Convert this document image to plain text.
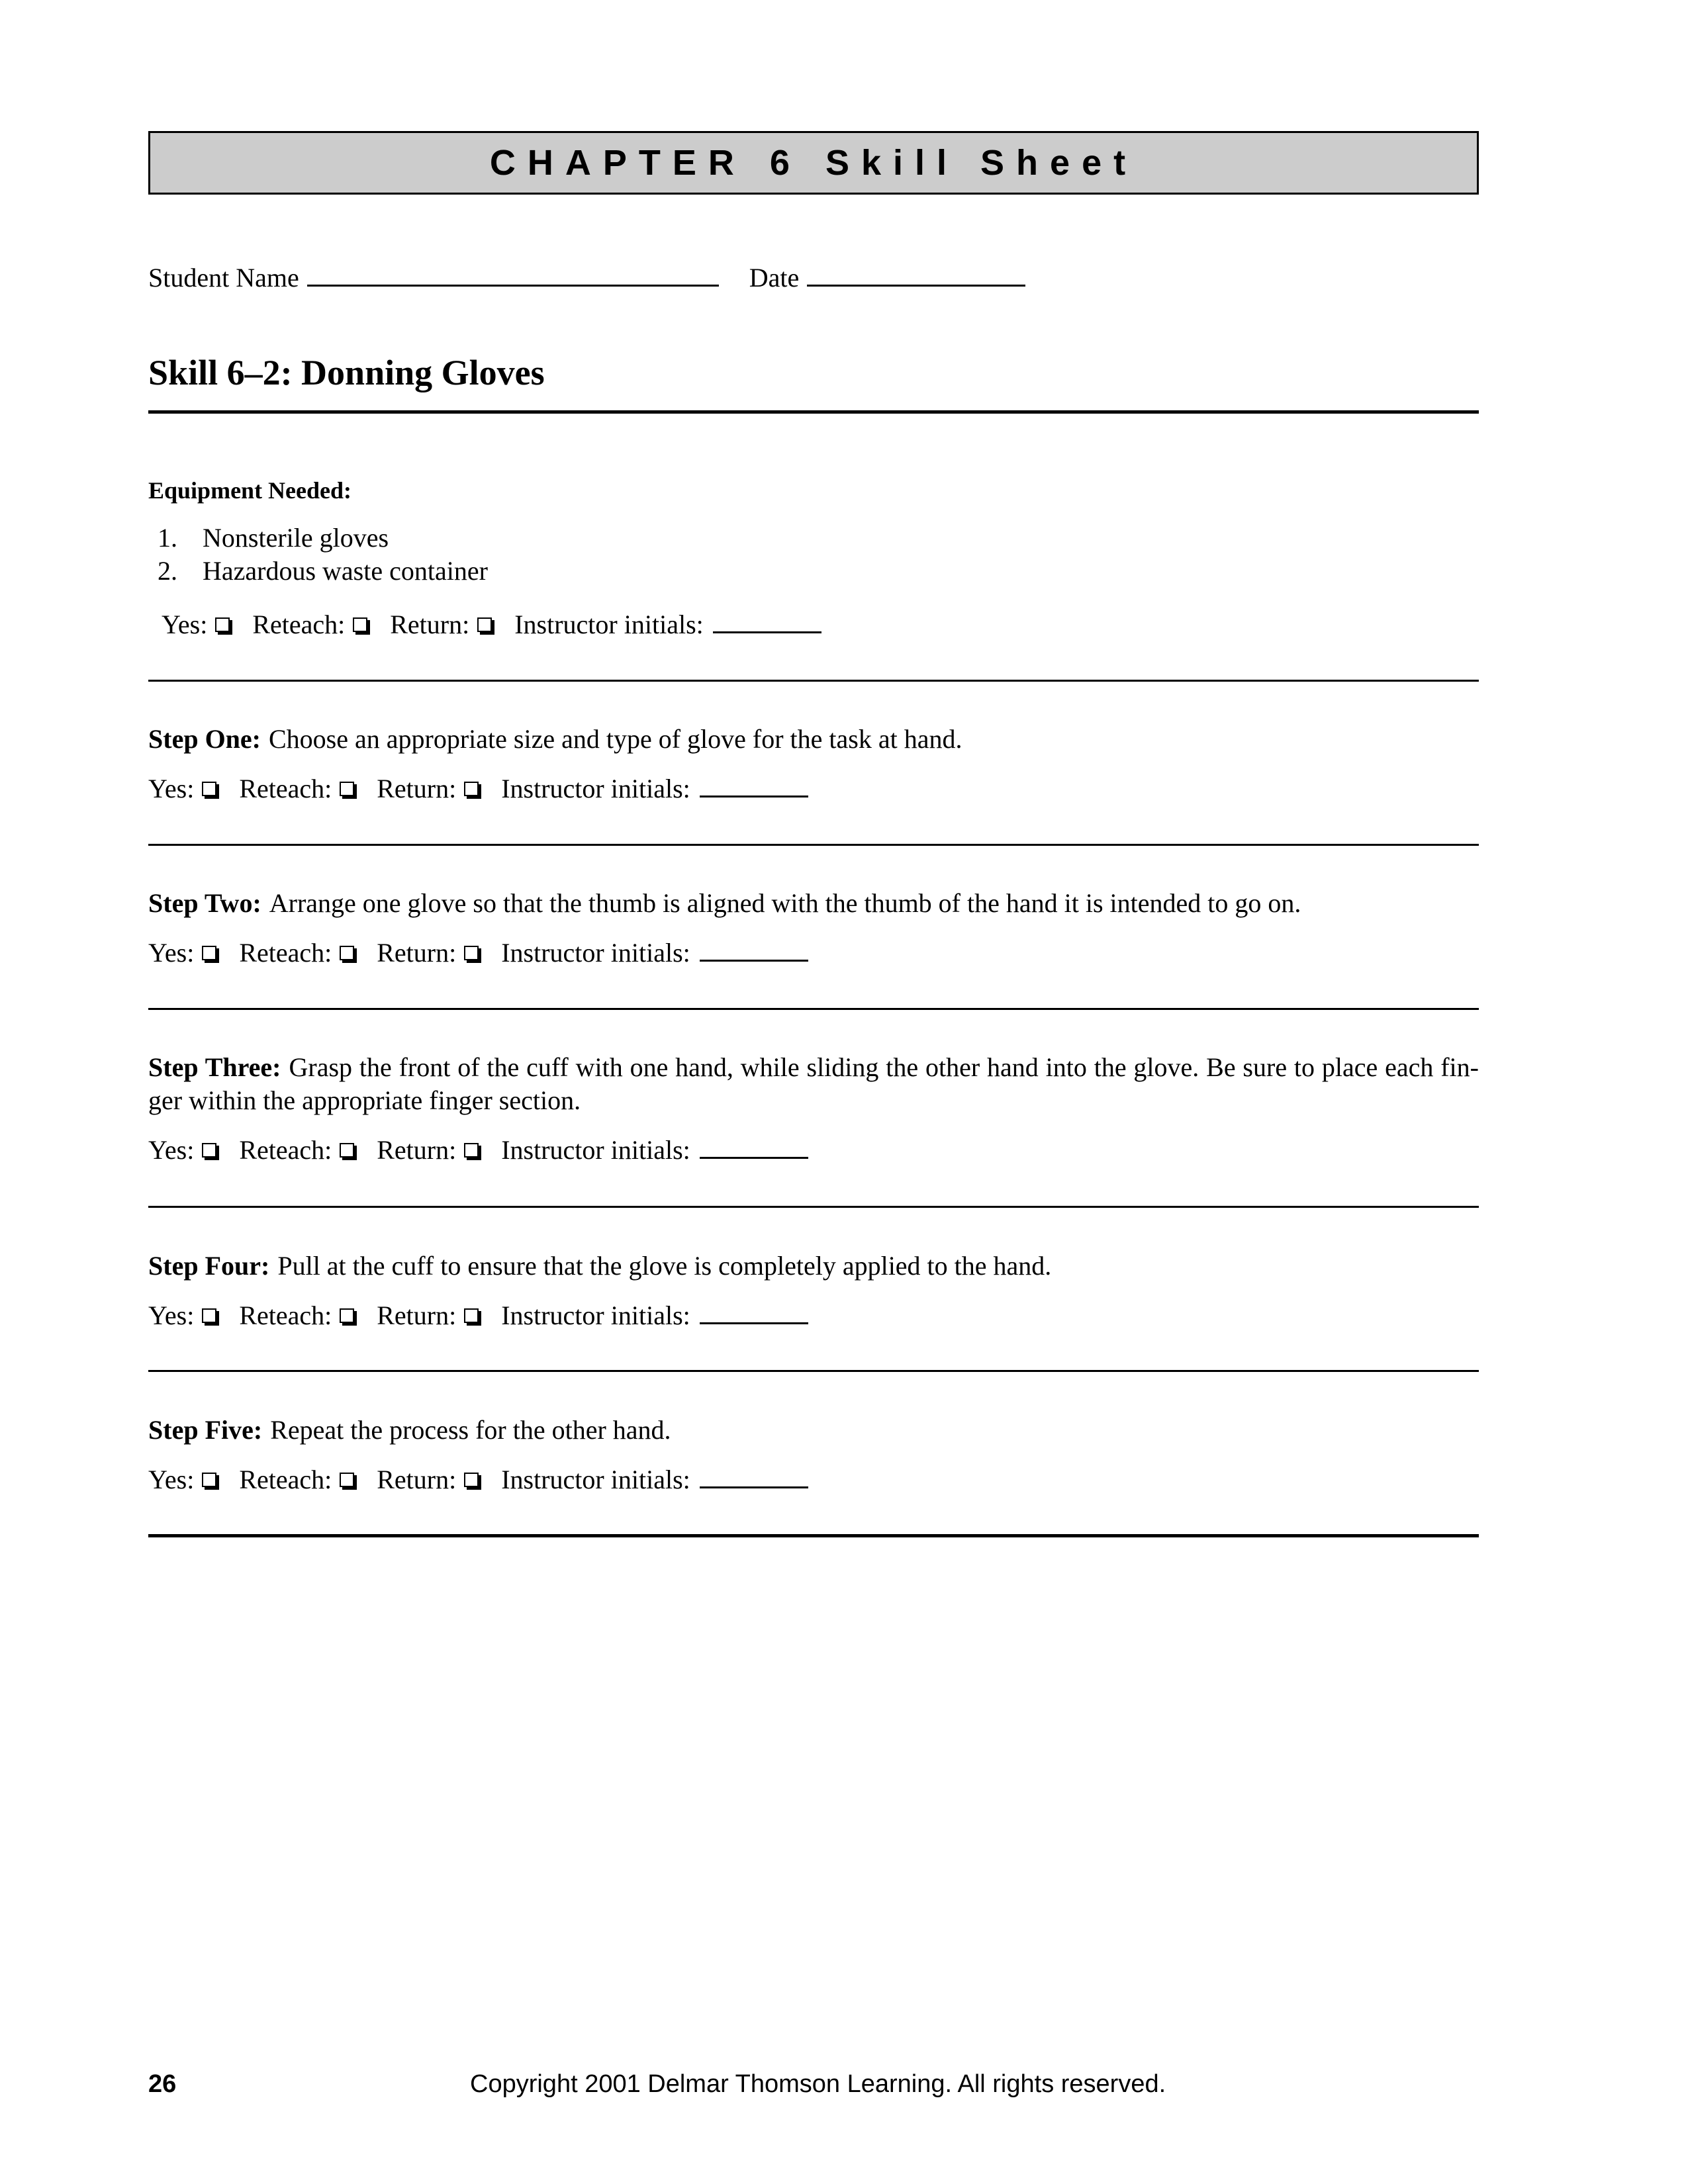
CHAPTER 6 Skill Sheet
Student Name	Date
Skill 6–2: Donning Gloves
Equipment Needed:
1. Nonsterile gloves
2. Hazardous waste container
Yes: Reteach: Return: Instructor initials:
Step One: Choose an appropriate size and type of glove for the task at hand.
Yes: Reteach: Return: Instructor initials:
Step Two: Arrange one glove so that the thumb is aligned with the thumb of the hand it is intended to go on.
Yes: Reteach: Return: Instructor initials:
Step Three: Grasp the front of the cuff with one hand, while sliding the other hand into the glove. Be sure to place each fin-ger within the appropriate finger section.
Yes: Reteach: Return: Instructor initials:
Step Four: Pull at the cuff to ensure that the glove is completely applied to the hand.
Yes: Reteach: Return: Instructor initials:
Step Five: Repeat the process for the other hand.
Yes: Reteach: Return: Instructor initials:
26	Copyright 2001 Delmar Thomson Learning. All rights reserved.
